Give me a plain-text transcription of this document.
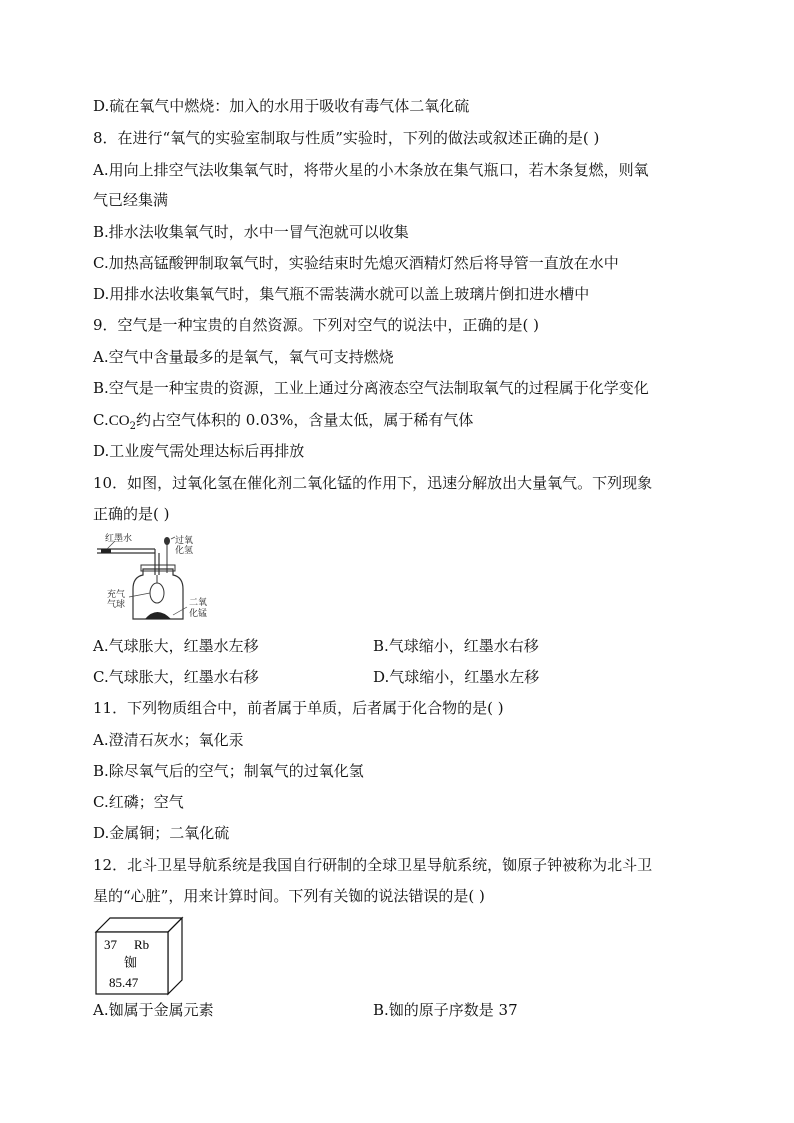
D.硫在氧气中燃烧：加入的水用于吸收有毒气体二氧化硫
8．在进行“氧气的实验室制取与性质”实验时，下列的做法或叙述正确的是( )
A.用向上排空气法收集氧气时，将带火星的小木条放在集气瓶口，若木条复燃，则氧
气已经集满
B.排水法收集氧气时，水中一冒气泡就可以收集
C.加热高锰酸钾制取氧气时，实验结束时先熄灭酒精灯然后将导管一直放在水中
D.用排水法收集氧气时，集气瓶不需装满水就可以盖上玻璃片倒扣进水槽中
9．空气是一种宝贵的自然资源。下列对空气的说法中，正确的是( )
A.空气中含量最多的是氧气，氧气可支持燃烧
B.空气是一种宝贵的资源，工业上通过分离液态空气法制取氧气的过程属于化学变化
$C.CO_2$约占空气体积的 0.03%，含量太低，属于稀有气体
D.工业废气需处理达标后再排放
10．如图，过氧化氢在催化剂二氧化锰的作用下，迅速分解放出大量氧气。下列现象
正确的是( )
红墨水	过氧
化氢
充气
气球	二氧
化锰
A.气球胀大，红墨水左移	B.气球缩小，红墨水右移
C.气球胀大，红墨水右移	D.气球缩小，红墨水左移
11．下列物质组合中，前者属于单质，后者属于化合物的是( )
A.澄清石灰水；氧化汞
B.除尽氧气后的空气；制氧气的过氧化氢
C.红磷；空气
D.金属铜；二氧化硫
12．北斗卫星导航系统是我国自行研制的全球卫星导航系统，铷原子钟被称为北斗卫
星的“心脏”，用来计算时间。下列有关铷的说法错误的是( )
37 Rb
铷
85.47
A.铷属于金属元素	B.铷的原子序数是 37
